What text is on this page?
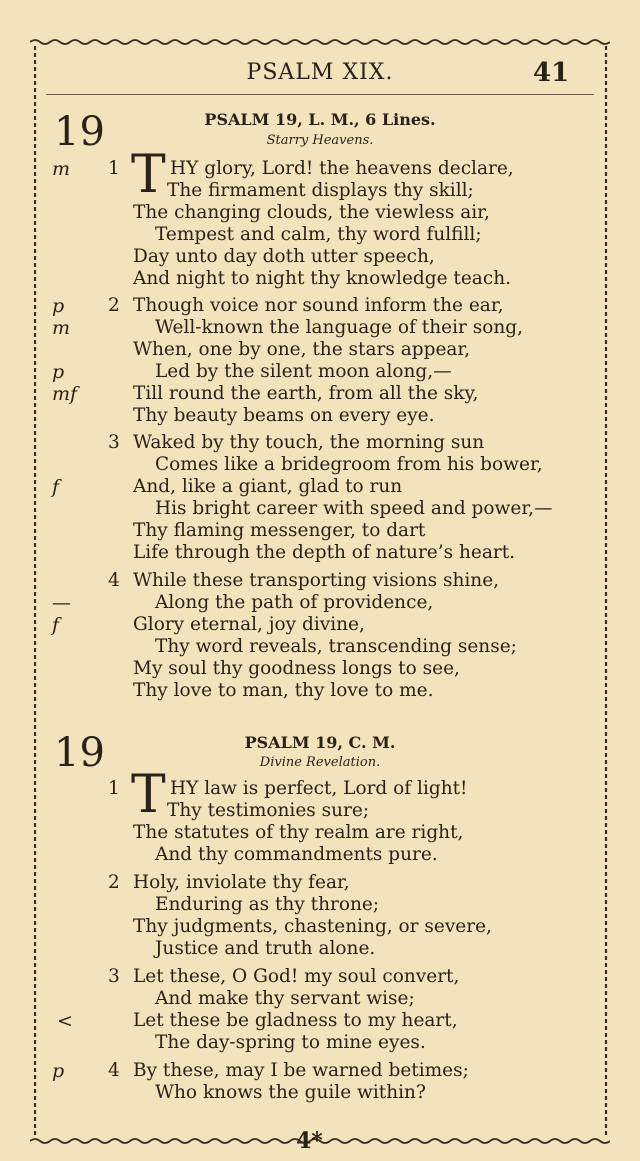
PSALM XIX.	41
19	PSALM 19, L. M., 6 Lines.
Starry Heavens.
m	1 T HY glory, Lord! the heavens declare,
The firmament displays thy skill;
The changing clouds, the viewless air,
Tempest and calm, thy word fulfill;
Day unto day doth utter speech,
And night to night thy knowledge teach.
p	2 Though voice nor sound inform the ear,
m	Well-known the language of their song,
When, one by one, the stars appear,
p	Led by the silent moon along,—
mf	Till round the earth, from all the sky,
Thy beauty beams on every eye.
3 Waked by thy touch, the morning sun
Comes like a bridegroom from his bower,
f	And, like a giant, glad to run
His bright career with speed and power,—
Thy flaming messenger, to dart
Life through the depth of nature’s heart.
4 While these transporting visions shine,
—	Along the path of providence,
f	Glory eternal, joy divine,
Thy word reveals, transcending sense;
My soul thy goodness longs to see,
Thy love to man, thy love to me.
19	PSALM 19, C. M.
Divine Revelation.
1 T HY law is perfect, Lord of light!
Thy testimonies sure;
The statutes of thy realm are right,
And thy commandments pure.
2 Holy, inviolate thy fear,
Enduring as thy throne;
Thy judgments, chastening, or severe,
Justice and truth alone.
3 Let these, O God! my soul convert,
And make thy servant wise;
<	Let these be gladness to my heart,
The day-spring to mine eyes.
p	4 By these, may I be warned betimes;
Who knows the guile within?
4*
